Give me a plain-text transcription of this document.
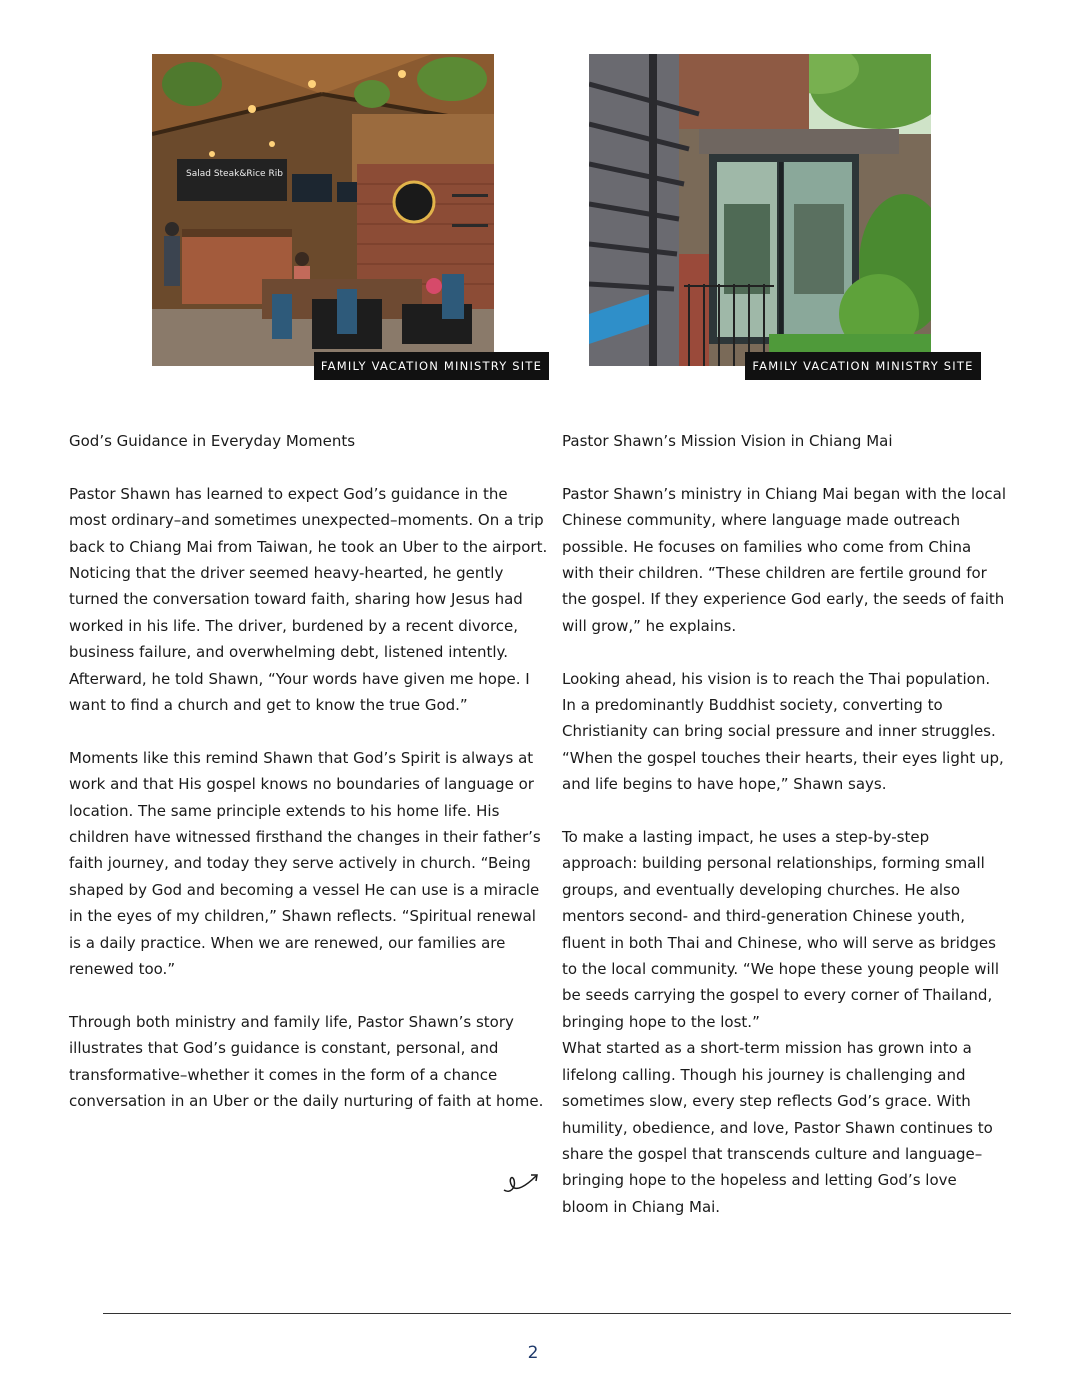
Salad Steak&Rice Rib
FAMILY VACATION MINISTRY SITE	FAMILY VACATION MINISTRY SITE
God’s Guidance in Everyday Moments

Pastor Shawn has learned to expect God’s guidance in the most ordinary–and sometimes unexpected–moments. On a trip back to Chiang Mai from Taiwan, he took an Uber to the airport. Noticing that the driver seemed heavy-hearted, he gently turned the conversation toward faith, sharing how Jesus had worked in his life. The driver, burdened by a recent divorce, business failure, and overwhelming debt, listened intently. Afterward, he told Shawn, “Your words have given me hope. I want to find a church and get to know the true God.”

Moments like this remind Shawn that God’s Spirit is always at work and that His gospel knows no boundaries of language or location. The same principle extends to his home life. His children have witnessed firsthand the changes in their father’s faith journey, and today they serve actively in church. “Being shaped by God and becoming a vessel He can use is a miracle in the eyes of my children,” Shawn reflects. “Spiritual renewal is a daily practice. When we are renewed, our families are renewed too.”

Through both ministry and family life, Pastor Shawn’s story illustrates that God’s guidance is constant, personal, and transformative–whether it comes in the form of a chance conversation in an Uber or the daily nurturing of faith at home.

Pastor Shawn’s Mission Vision in Chiang Mai

Pastor Shawn’s ministry in Chiang Mai began with the local Chinese community, where language made outreach possible. He focuses on families who come from China with their children. “These children are fertile ground for the gospel. If they experience God early, the seeds of faith will grow,” he explains.

Looking ahead, his vision is to reach the Thai population. In a predominantly Buddhist society, converting to Christianity can bring social pressure and inner struggles. “When the gospel touches their hearts, their eyes light up, and life begins to have hope,” Shawn says.

To make a lasting impact, he uses a step-by-step approach: building personal relationships, forming small groups, and eventually developing churches. He also mentors second- and third-generation Chinese youth, fluent in both Thai and Chinese, who will serve as bridges to the local community. “We hope these young people will be seeds carrying the gospel to every corner of Thailand, bringing hope to the lost.”

What started as a short-term mission has grown into a lifelong calling. Though his journey is challenging and sometimes slow, every step reflects God’s grace. With humility, obedience, and love, Pastor Shawn continues to share the gospel that transcends culture and language–bringing hope to the hopeless and letting God’s love bloom in Chiang Mai.

2
